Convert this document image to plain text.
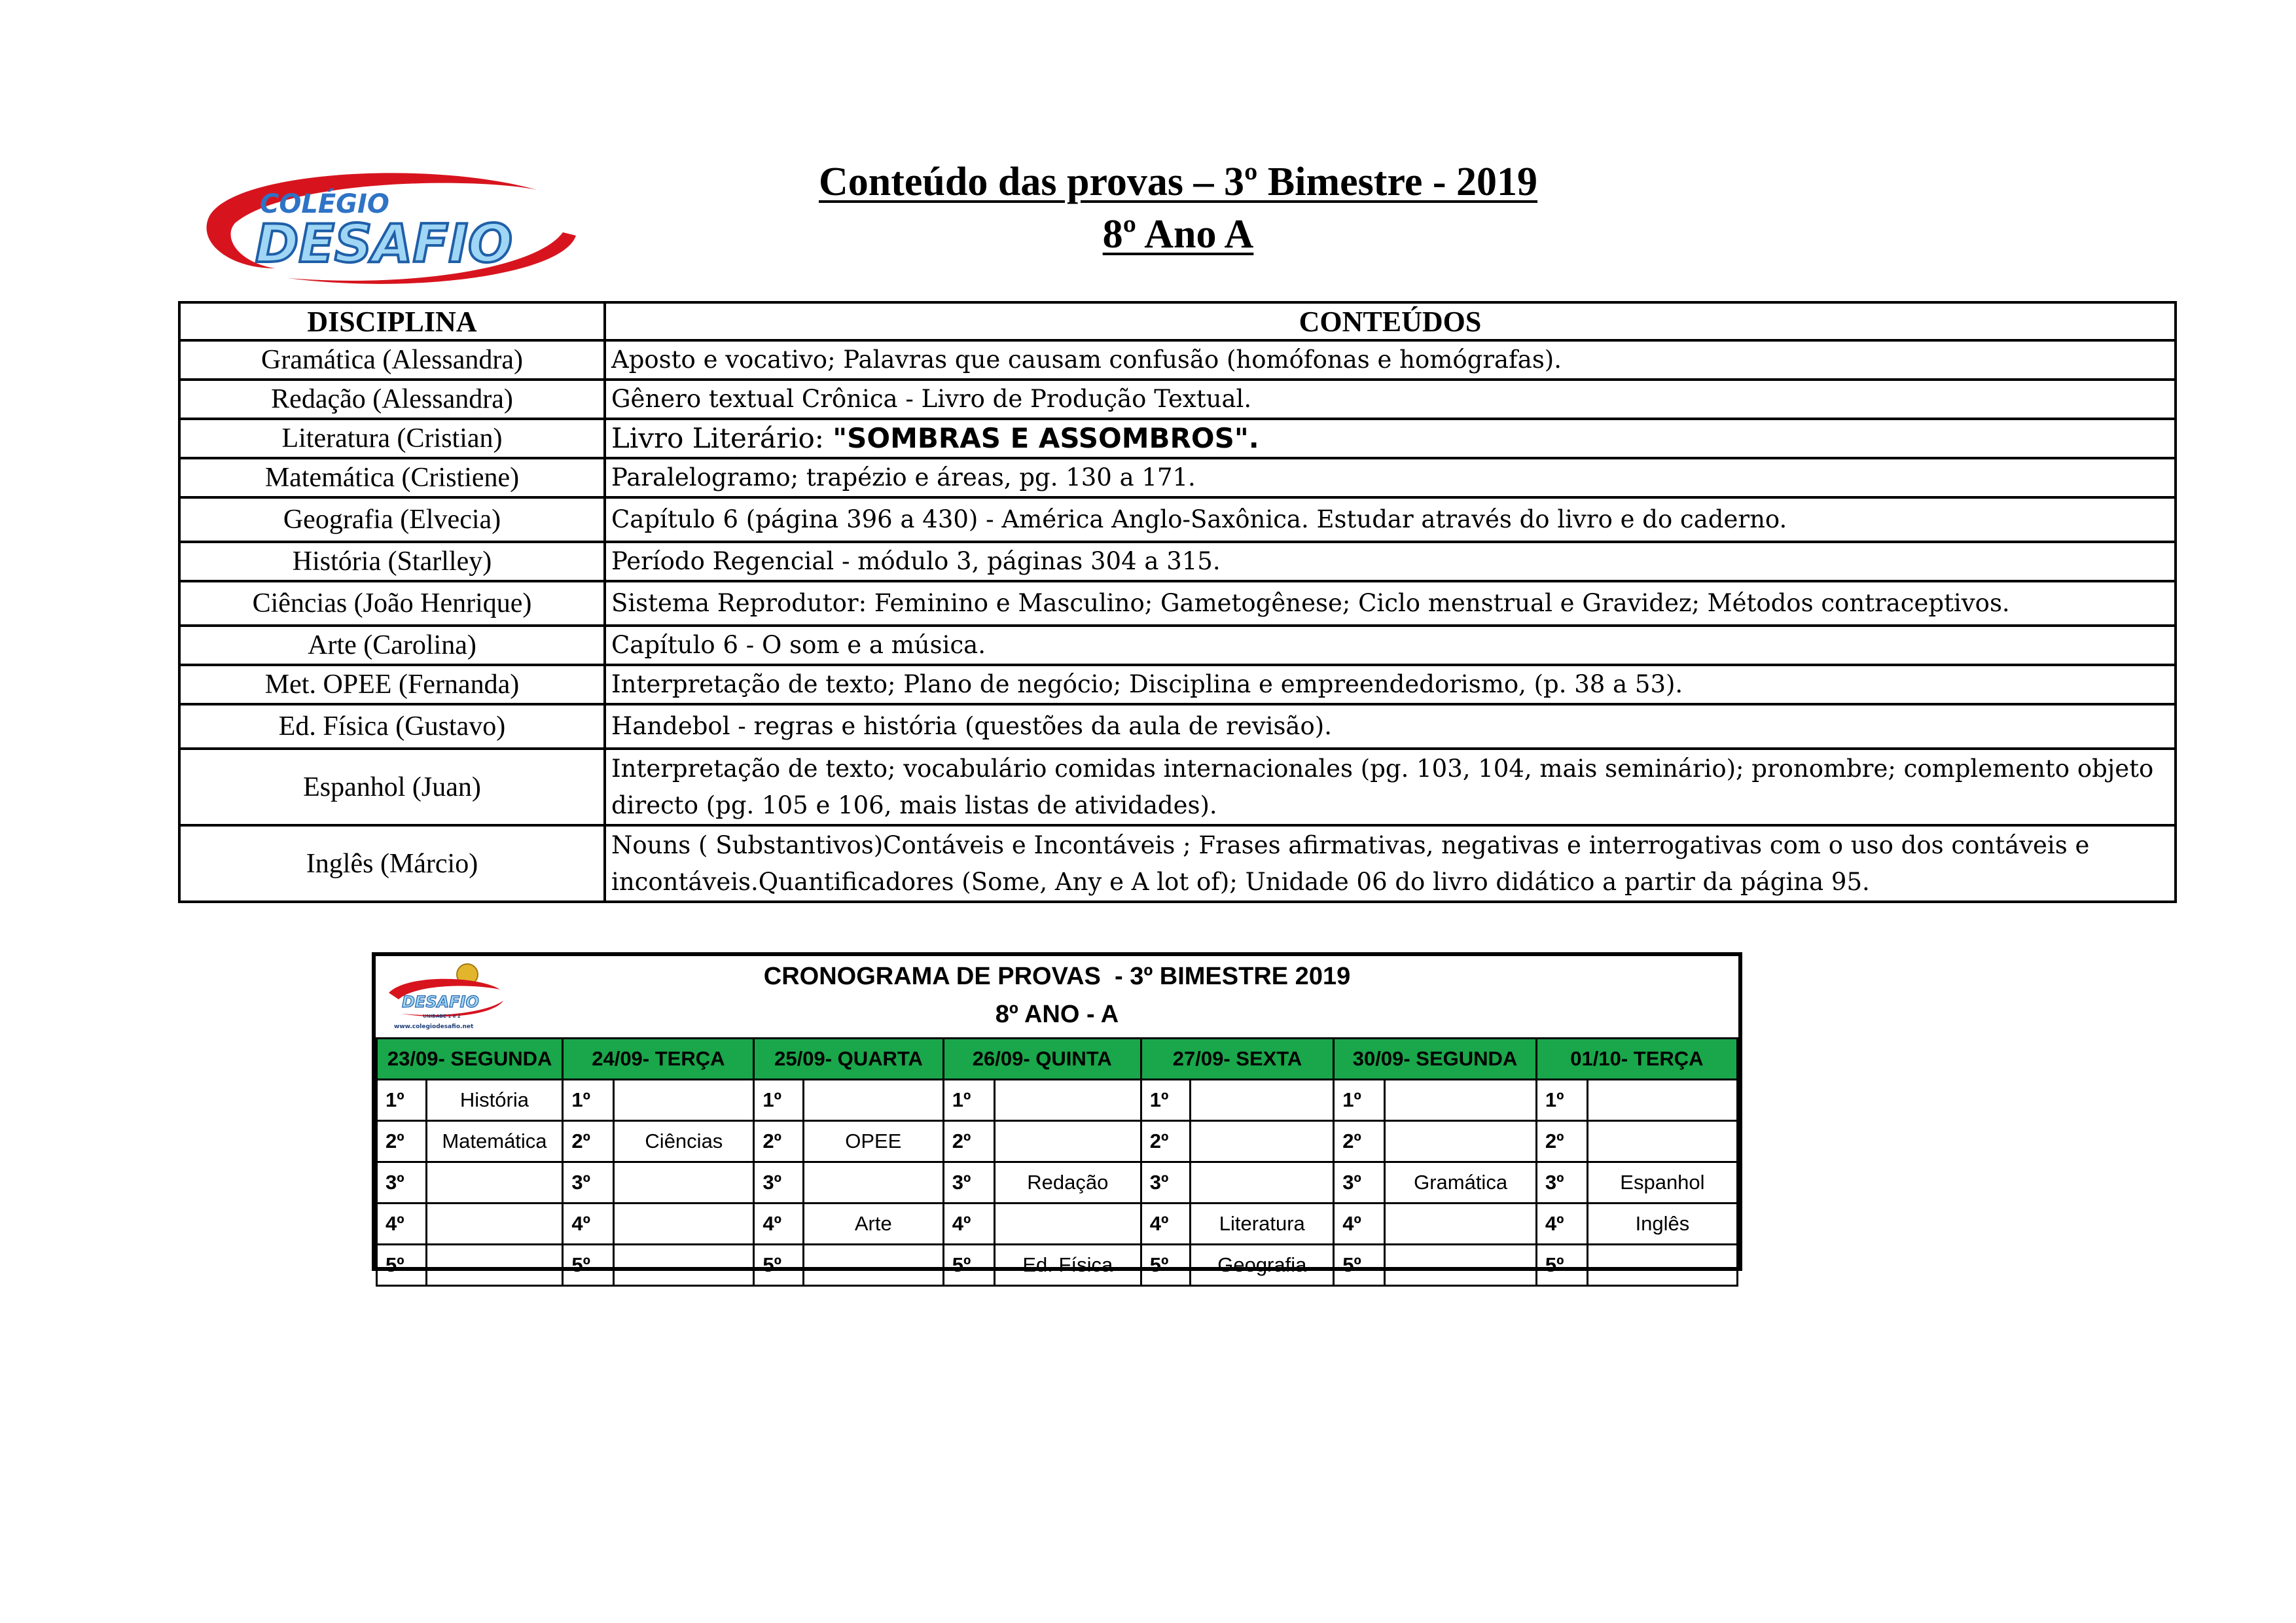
COLÉGIO
DESAFIO
Conteúdo das provas – 3º Bimestre - 2019
8º Ano A
DISCIPLINA	CONTEÚDOS
Gramática (Alessandra)	Aposto e vocativo; Palavras que causam confusão (homófonas e homógrafas).
Redação (Alessandra)	Gênero textual Crônica - Livro de Produção Textual.
Literatura (Cristian)	Livro Literário: "SOMBRAS E ASSOMBROS".
Matemática (Cristiene)	Paralelogramo; trapézio e áreas, pg. 130 a 171.
Geografia (Elvecia)	Capítulo 6 (página 396 a 430) - América Anglo-Saxônica. Estudar através do livro e do caderno.
História (Starlley)	Período Regencial - módulo 3, páginas 304 a 315.
Ciências (João Henrique)	Sistema Reprodutor: Feminino e Masculino; Gametogênese; Ciclo menstrual e Gravidez; Métodos contraceptivos.
Arte (Carolina)	Capítulo 6 - O som e a música.
Met. OPEE (Fernanda)	Interpretação de texto; Plano de negócio; Disciplina e empreendedorismo, (p. 38 a 53).
Ed. Física (Gustavo)	Handebol - regras e história (questões da aula de revisão).
Espanhol (Juan)	Interpretação de texto; vocabulário comidas internacionales (pg. 103, 104, mais seminário); pronombre; complemento objeto directo (pg. 105 e 106, mais listas de atividades).
Inglês (Márcio)	Nouns ( Substantivos)Contáveis e Incontáveis ; Frases afirmativas, negativas e interrogativas com o uso dos contáveis e incontáveis.Quantificadores (Some, Any e A lot of); Unidade 06 do livro didático a partir da página 95.
DESAFIO
UNIDADE 1 e 2
www.colegiodesafio.net
CRONOGRAMA DE PROVAS  - 3º BIMESTRE 2019
8º ANO - A
23/09- SEGUNDA		24/09- TERÇA		25/09- QUARTA		26/09- QUINTA		27/09- SEXTA		30/09- SEGUNDA		01/10- TERÇA	
1º	História	1º		1º		1º		1º		1º		1º	
2º	Matemática	2º	Ciências	2º	OPEE	2º		2º		2º		2º	
3º		3º		3º		3º	Redação	3º		3º	Gramática	3º	Espanhol
4º		4º		4º	Arte	4º		4º	Literatura	4º		4º	Inglês
5º		5º		5º		5º	Ed. Física	5º	Geografia	5º		5º	
